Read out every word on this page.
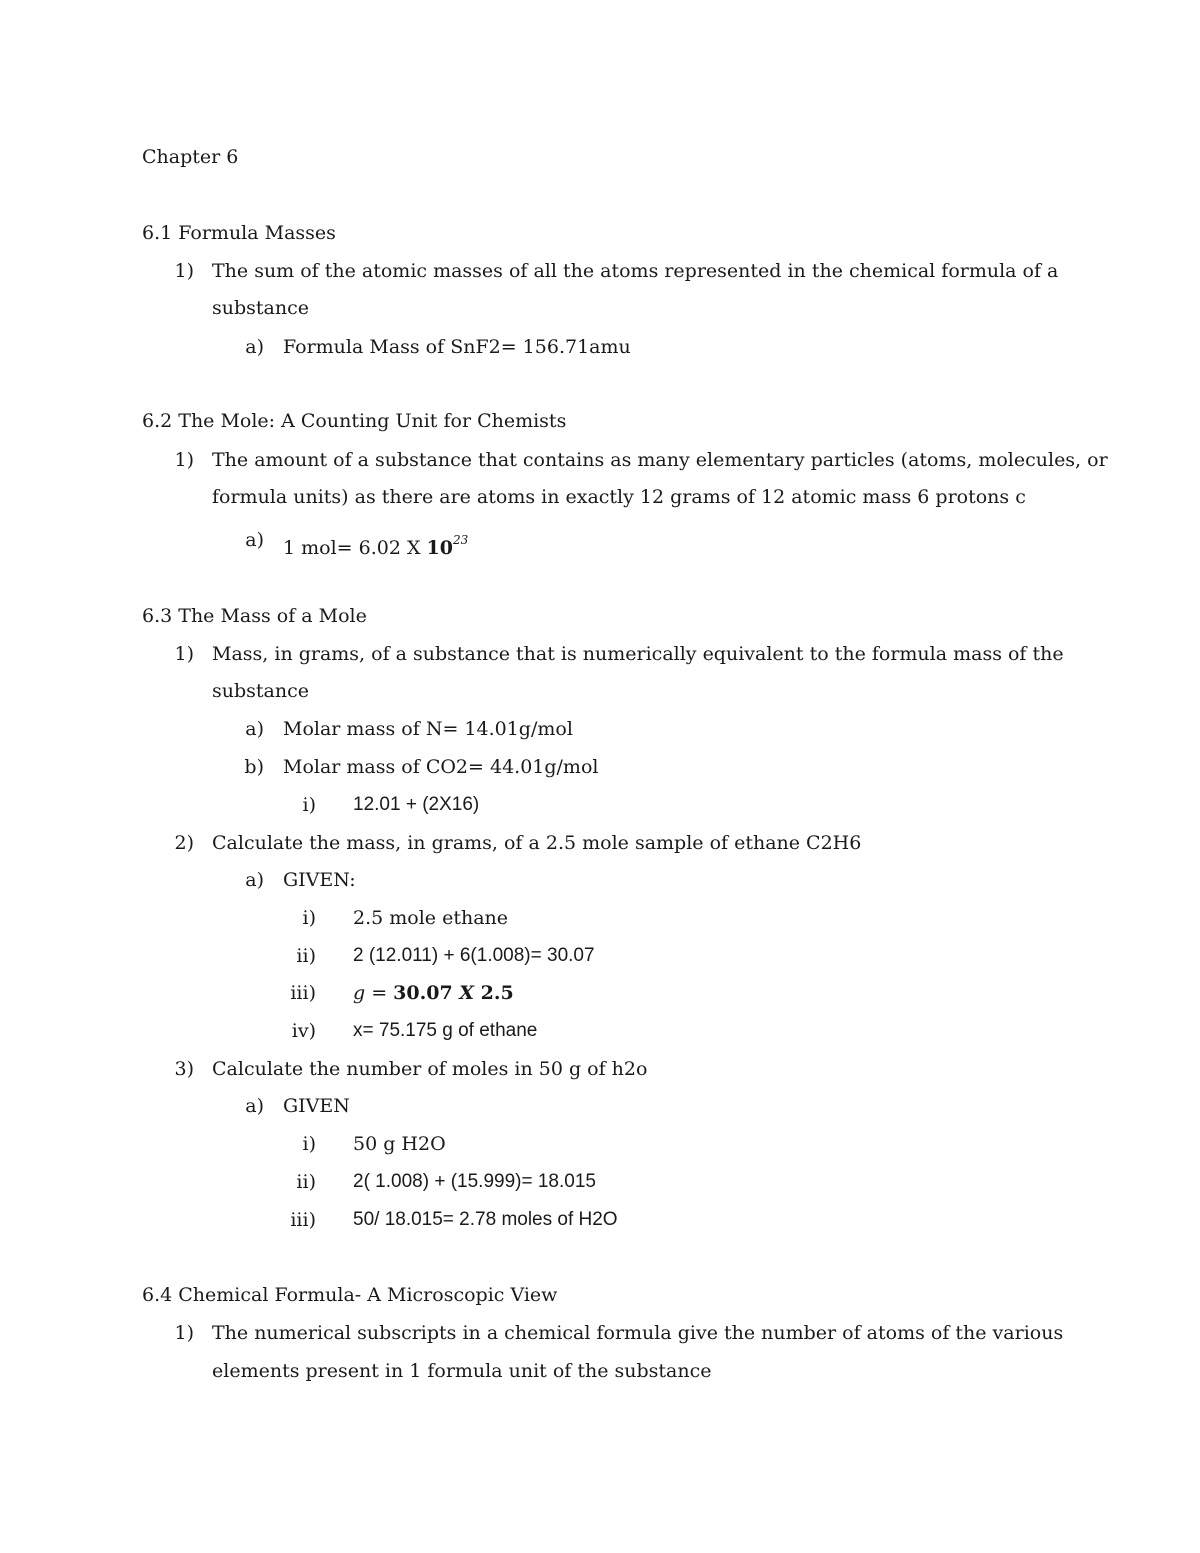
Chapter 6
6.1 Formula Masses
1) The sum of the atomic masses of all the atoms represented in the chemical formula of a
substance
a) Formula Mass of SnF2= 156.71amu
6.2 The Mole: A Counting Unit for Chemists
1) The amount of a substance that contains as many elementary particles (atoms, molecules, or
formula units) as there are atoms in exactly 12 grams of 12 atomic mass 6 protons c
a) 1 mol= 6.02 X $10^{23}$
6.3 The Mass of a Mole
1) Mass, in grams, of a substance that is numerically equivalent to the formula mass of the
substance
a) Molar mass of N= 14.01g/mol
b) Molar mass of CO2= 44.01g/mol
i) 12.01 + (2X16)
2) Calculate the mass, in grams, of a 2.5 mole sample of ethane C2H6
a) GIVEN:
i) 2.5 mole ethane
ii) 2 (12.011) + 6(1.008)= 30.07
iii) g = 30.07 X 2.5
iv) x= 75.175 g of ethane
3) Calculate the number of moles in 50 g of h2o
a) GIVEN
i) 50 g H2O
ii) 2( 1.008) + (15.999)= 18.015
iii) 50/ 18.015= 2.78 moles of H2O
6.4 Chemical Formula- A Microscopic View
1) The numerical subscripts in a chemical formula give the number of atoms of the various
elements present in 1 formula unit of the substance
